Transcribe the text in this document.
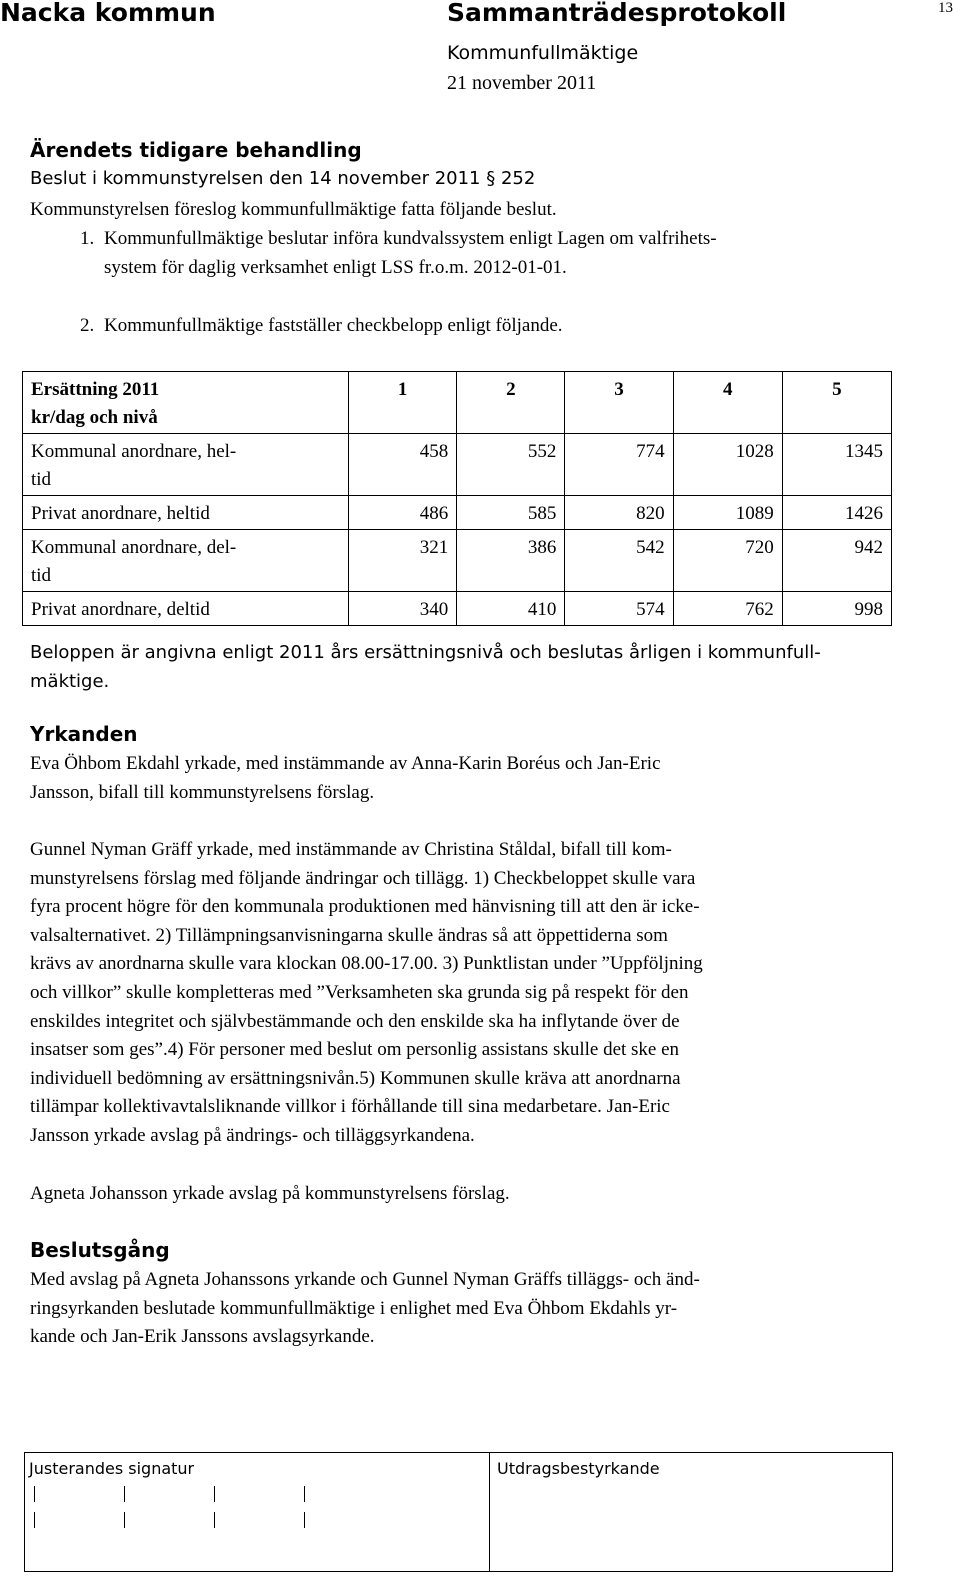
Nacka kommun	Sammanträdesprotokoll	13
Kommunfullmäktige
21 november 2011
Ärendets tidigare behandling
Beslut i kommunstyrelsen den 14 november 2011 § 252
Kommunstyrelsen föreslog kommunfullmäktige fatta följande beslut.
1. Kommunfullmäktige beslutar införa kundvalssystem enligt Lagen om valfrihets-
system för daglig verksamhet enligt LSS fr.o.m. 2012-01-01.
2. Kommunfullmäktige fastställer checkbelopp enligt följande.
Ersättning 2011
kr/dag och nivå	1	2	3	4	5
Kommunal anordnare, hel-
tid	458	552	774	1028	1345
Privat anordnare, heltid	486	585	820	1089	1426
Kommunal anordnare, del-
tid	321	386	542	720	942
Privat anordnare, deltid	340	410	574	762	998
Beloppen är angivna enligt 2011 års ersättningsnivå och beslutas årligen i kommunfull-
mäktige.
Yrkanden
Eva Öhbom Ekdahl yrkade, med instämmande av Anna-Karin Boréus och Jan-Eric
Jansson, bifall till kommunstyrelsens förslag.
Gunnel Nyman Gräff yrkade, med instämmande av Christina Ståldal, bifall till kom-
munstyrelsens förslag med följande ändringar och tillägg. 1) Checkbeloppet skulle vara
fyra procent högre för den kommunala produktionen med hänvisning till att den är icke-
valsalternativet. 2) Tillämpningsanvisningarna skulle ändras så att öppettiderna som
krävs av anordnarna skulle vara klockan 08.00-17.00. 3) Punktlistan under ”Uppföljning
och villkor” skulle kompletteras med ”Verksamheten ska grunda sig på respekt för den
enskildes integritet och självbestämmande och den enskilde ska ha inflytande över de
insatser som ges”.4) För personer med beslut om personlig assistans skulle det ske en
individuell bedömning av ersättningsnivån.5) Kommunen skulle kräva att anordnarna
tillämpar kollektivavtalsliknande villkor i förhållande till sina medarbetare. Jan-Eric
Jansson yrkade avslag på ändrings- och tilläggsyrkandena.
Agneta Johansson yrkade avslag på kommunstyrelsens förslag.
Beslutsgång
Med avslag på Agneta Johanssons yrkande och Gunnel Nyman Gräffs tilläggs- och änd-
ringsyrkanden beslutade kommunfullmäktige i enlighet med Eva Öhbom Ekdahls yr-
kande och Jan-Erik Janssons avslagsyrkande.
Justerandes signatur	Utdragsbestyrkande
